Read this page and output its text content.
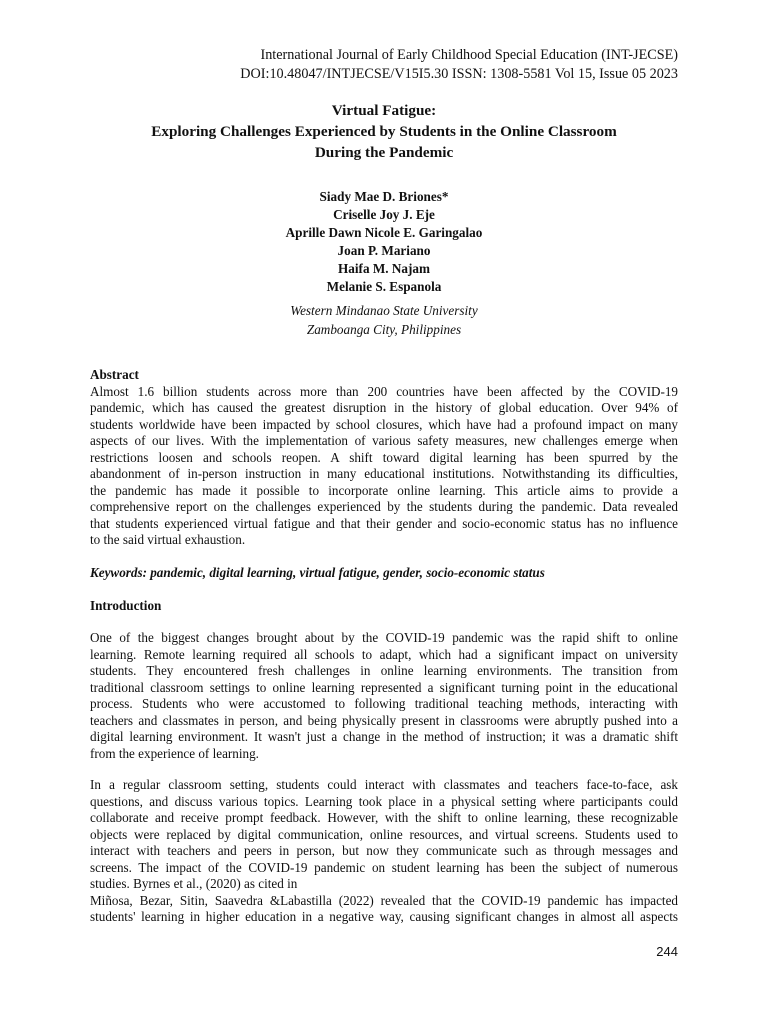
International Journal of Early Childhood Special Education (INT-JECSE)
DOI:10.48047/INTJECSE/V15I5.30 ISSN: 1308-5581 Vol 15, Issue 05 2023
Virtual Fatigue:
Exploring Challenges Experienced by Students in the Online Classroom
During the Pandemic
Siady Mae D. Briones*
Criselle Joy J. Eje
Aprille Dawn Nicole E. Garingalao
Joan P. Mariano
Haifa M. Najam
Melanie S. Espanola
Western Mindanao State University
Zamboanga City, Philippines
Abstract
Almost 1.6 billion students across more than 200 countries have been affected by the COVID-19
pandemic, which has caused the greatest disruption in the history of global education. Over 94% of
students worldwide have been impacted by school closures, which have had a profound impact on many
aspects of our lives. With the implementation of various safety measures, new challenges emerge when
restrictions loosen and schools reopen. A shift toward digital learning has been spurred by the
abandonment of in-person instruction in many educational institutions. Notwithstanding its difficulties,
the pandemic has made it possible to incorporate online learning. This article aims to provide a
comprehensive report on the challenges experienced by the students during the pandemic. Data revealed
that students experienced virtual fatigue and that their gender and socio-economic status has no influence
to the said virtual exhaustion.
Keywords: pandemic, digital learning, virtual fatigue, gender, socio-economic status
Introduction
One of the biggest changes brought about by the COVID-19 pandemic was the rapid shift to online
learning. Remote learning required all schools to adapt, which had a significant impact on university
students. They encountered fresh challenges in online learning environments. The transition from
traditional classroom settings to online learning represented a significant turning point in the educational
process. Students who were accustomed to following traditional teaching methods, interacting with
teachers and classmates in person, and being physically present in classrooms were abruptly pushed into a
digital learning environment. It wasn't just a change in the method of instruction; it was a dramatic shift
from the experience of learning.
In a regular classroom setting, students could interact with classmates and teachers face-to-face, ask
questions, and discuss various topics. Learning took place in a physical setting where participants could
collaborate and receive prompt feedback. However, with the shift to online learning, these recognizable
objects were replaced by digital communication, online resources, and virtual screens. Students used to
interact with teachers and peers in person, but now they communicate such as through messages and
screens. The impact of the COVID-19 pandemic on student learning has been the subject of numerous
studies. Byrnes et al., (2020) as cited in
Miñosa, Bezar, Sitin, Saavedra &Labastilla (2022) revealed that the COVID-19 pandemic has impacted
students' learning in higher education in a negative way, causing significant changes in almost all aspects
244
